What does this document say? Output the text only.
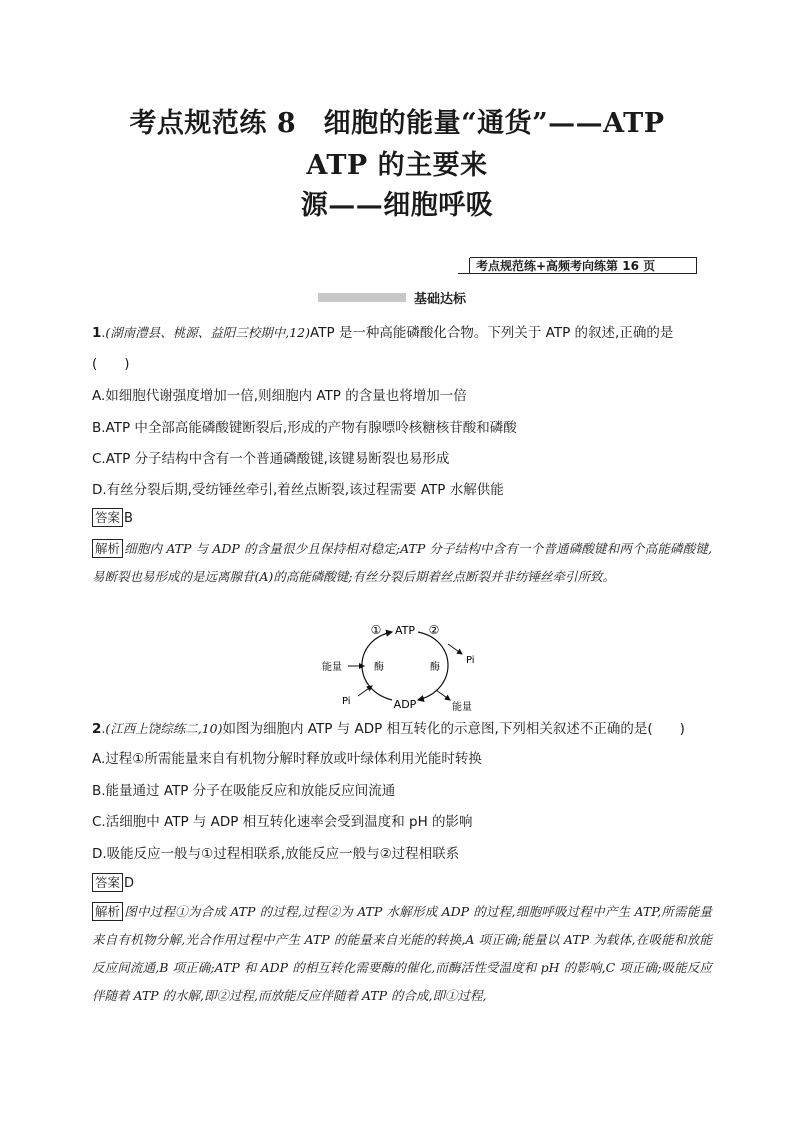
考点规范练 8　细胞的能量“通货”——ATP
ATP 的主要来
源——细胞呼吸
考点规范练+高频考向练第 16 页
基础达标
1.(湖南澧县、桃源、益阳三校期中,12)ATP 是一种高能磷酸化合物。下列关于 ATP 的叙述,正确的是
(　　)
A.如细胞代谢强度增加一倍,则细胞内 ATP 的含量也将增加一倍
B.ATP 中全部高能磷酸键断裂后,形成的产物有腺嘌呤核糖核苷酸和磷酸
C.ATP 分子结构中含有一个普通磷酸键,该键易断裂也易形成
D.有丝分裂后期,受纺锤丝牵引,着丝点断裂,该过程需要 ATP 水解供能
答案 B
解析 细胞内 ATP 与 ADP 的含量很少且保持相对稳定;ATP 分子结构中含有一个普通磷酸键和两个高能磷酸键,易断裂也易形成的是远离腺苷(A)的高能磷酸键;有丝分裂后期着丝点断裂并非纺锤丝牵引所致。
ATP
ADP
①	②
Pi
Pi
能量
能量
酶	酶
2.(江西上饶综练二,10)如图为细胞内 ATP 与 ADP 相互转化的示意图,下列相关叙述不正确的是(　　)
A.过程①所需能量来自有机物分解时释放或叶绿体利用光能时转换
B.能量通过 ATP 分子在吸能反应和放能反应间流通
C.活细胞中 ATP 与 ADP 相互转化速率会受到温度和 pH 的影响
D.吸能反应一般与①过程相联系,放能反应一般与②过程相联系
答案 D
解析 图中过程①为合成 ATP 的过程,过程②为 ATP 水解形成 ADP 的过程,细胞呼吸过程中产生 ATP,所需能量来自有机物分解,光合作用过程中产生 ATP 的能量来自光能的转换,A 项正确;能量以 ATP 为载体,在吸能和放能反应间流通,B 项正确;ATP 和 ADP 的相互转化需要酶的催化,而酶活性受温度和 pH 的影响,C 项正确;吸能反应伴随着 ATP 的水解,即②过程,而放能反应伴随着 ATP 的合成,即①过程,
